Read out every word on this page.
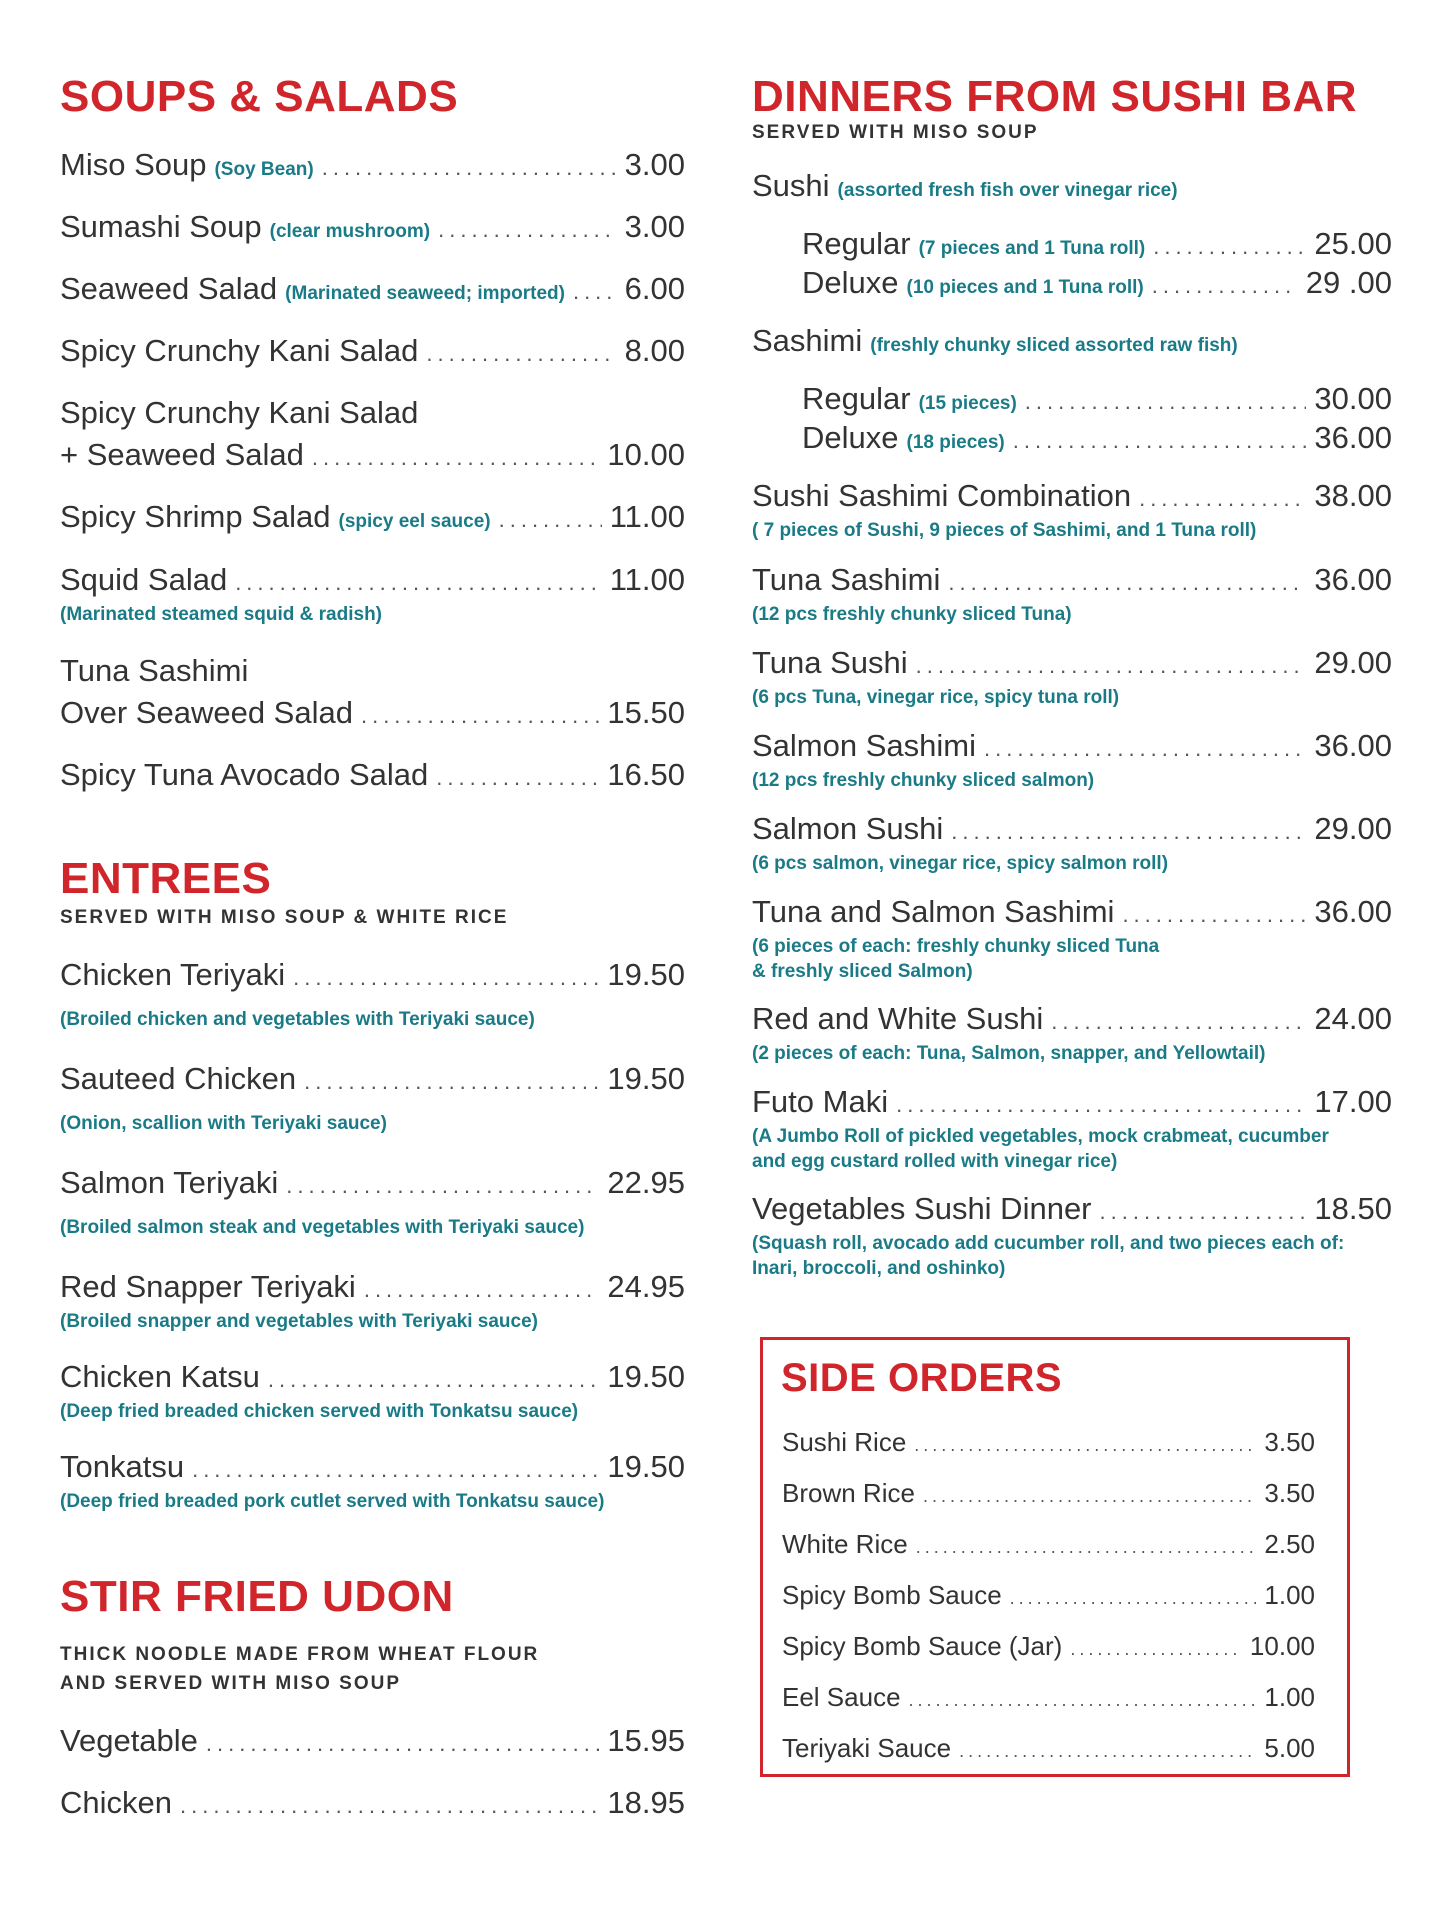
SOUPS & SALADS
Miso Soup (Soy Bean) .....	3.00
Sumashi Soup (clear mushroom) .....	3.00
Seaweed Salad (Marinated seaweed; imported) ..... 6.00
Spicy Crunchy Kani Salad .....	8.00
Spicy Crunchy Kani Salad
+ Seaweed Salad .....	10.00
Spicy Shrimp Salad (spicy eel sauce) .....	11.00
Squid Salad .....	11.00
(Marinated steamed squid & radish)
Tuna Sashimi
Over Seaweed Salad .....	15.50
Spicy Tuna Avocado Salad .....	16.50
ENTREES
SERVED WITH MISO SOUP & WHITE RICE
Chicken Teriyaki .....	19.50
(Broiled chicken and vegetables with Teriyaki sauce)
Sauteed Chicken .....	19.50
(Onion, scallion with Teriyaki sauce)
Salmon Teriyaki .....	22.95
(Broiled salmon steak and vegetables with Teriyaki sauce)
Red Snapper Teriyaki .....	24.95
(Broiled snapper and vegetables with Teriyaki sauce)
Chicken Katsu .....	19.50
(Deep fried breaded chicken served with Tonkatsu sauce)
Tonkatsu .....	19.50
(Deep fried breaded pork cutlet served with Tonkatsu sauce)
STIR FRIED UDON
THICK NOODLE MADE FROM WHEAT FLOUR
AND SERVED WITH MISO SOUP
Vegetable .....	15.95
Chicken .....	18.95
DINNERS FROM SUSHI BAR
SERVED WITH MISO SOUP
Sushi (assorted fresh fish over vinegar rice)
Regular (7 pieces and 1 Tuna roll) .....	25.00
Deluxe (10 pieces and 1 Tuna roll) .....	29 .00
Sashimi (freshly chunky sliced assorted raw fish)
Regular (15 pieces) .....	30.00
Deluxe (18 pieces) .....	36.00
Sushi Sashimi Combination .....	38.00
( 7 pieces of Sushi, 9 pieces of Sashimi, and 1 Tuna roll)
Tuna Sashimi .....	36.00
(12 pcs freshly chunky sliced Tuna)
Tuna Sushi .....	29.00
(6 pcs Tuna, vinegar rice, spicy tuna roll)
Salmon Sashimi .....	36.00
(12 pcs freshly chunky sliced salmon)
Salmon Sushi .....	29.00
(6 pcs salmon, vinegar rice, spicy salmon roll)
Tuna and Salmon Sashimi .....	36.00
(6 pieces of each: freshly chunky sliced Tuna
& freshly sliced Salmon)
Red and White Sushi .....	24.00
(2 pieces of each: Tuna, Salmon, snapper, and Yellowtail)
Futo Maki .....	17.00
(A Jumbo Roll of pickled vegetables, mock crabmeat, cucumber
and egg custard rolled with vinegar rice)
Vegetables Sushi Dinner .....	18.50
(Squash roll, avocado add cucumber roll, and two pieces each of:
Inari, broccoli, and oshinko)
SIDE ORDERS
Sushi Rice .....	3.50
Brown Rice .....	3.50
White Rice .....	2.50
Spicy Bomb Sauce .....	1.00
Spicy Bomb Sauce (Jar) .....	10.00
Eel Sauce .....	1.00
Teriyaki Sauce .....	5.00
